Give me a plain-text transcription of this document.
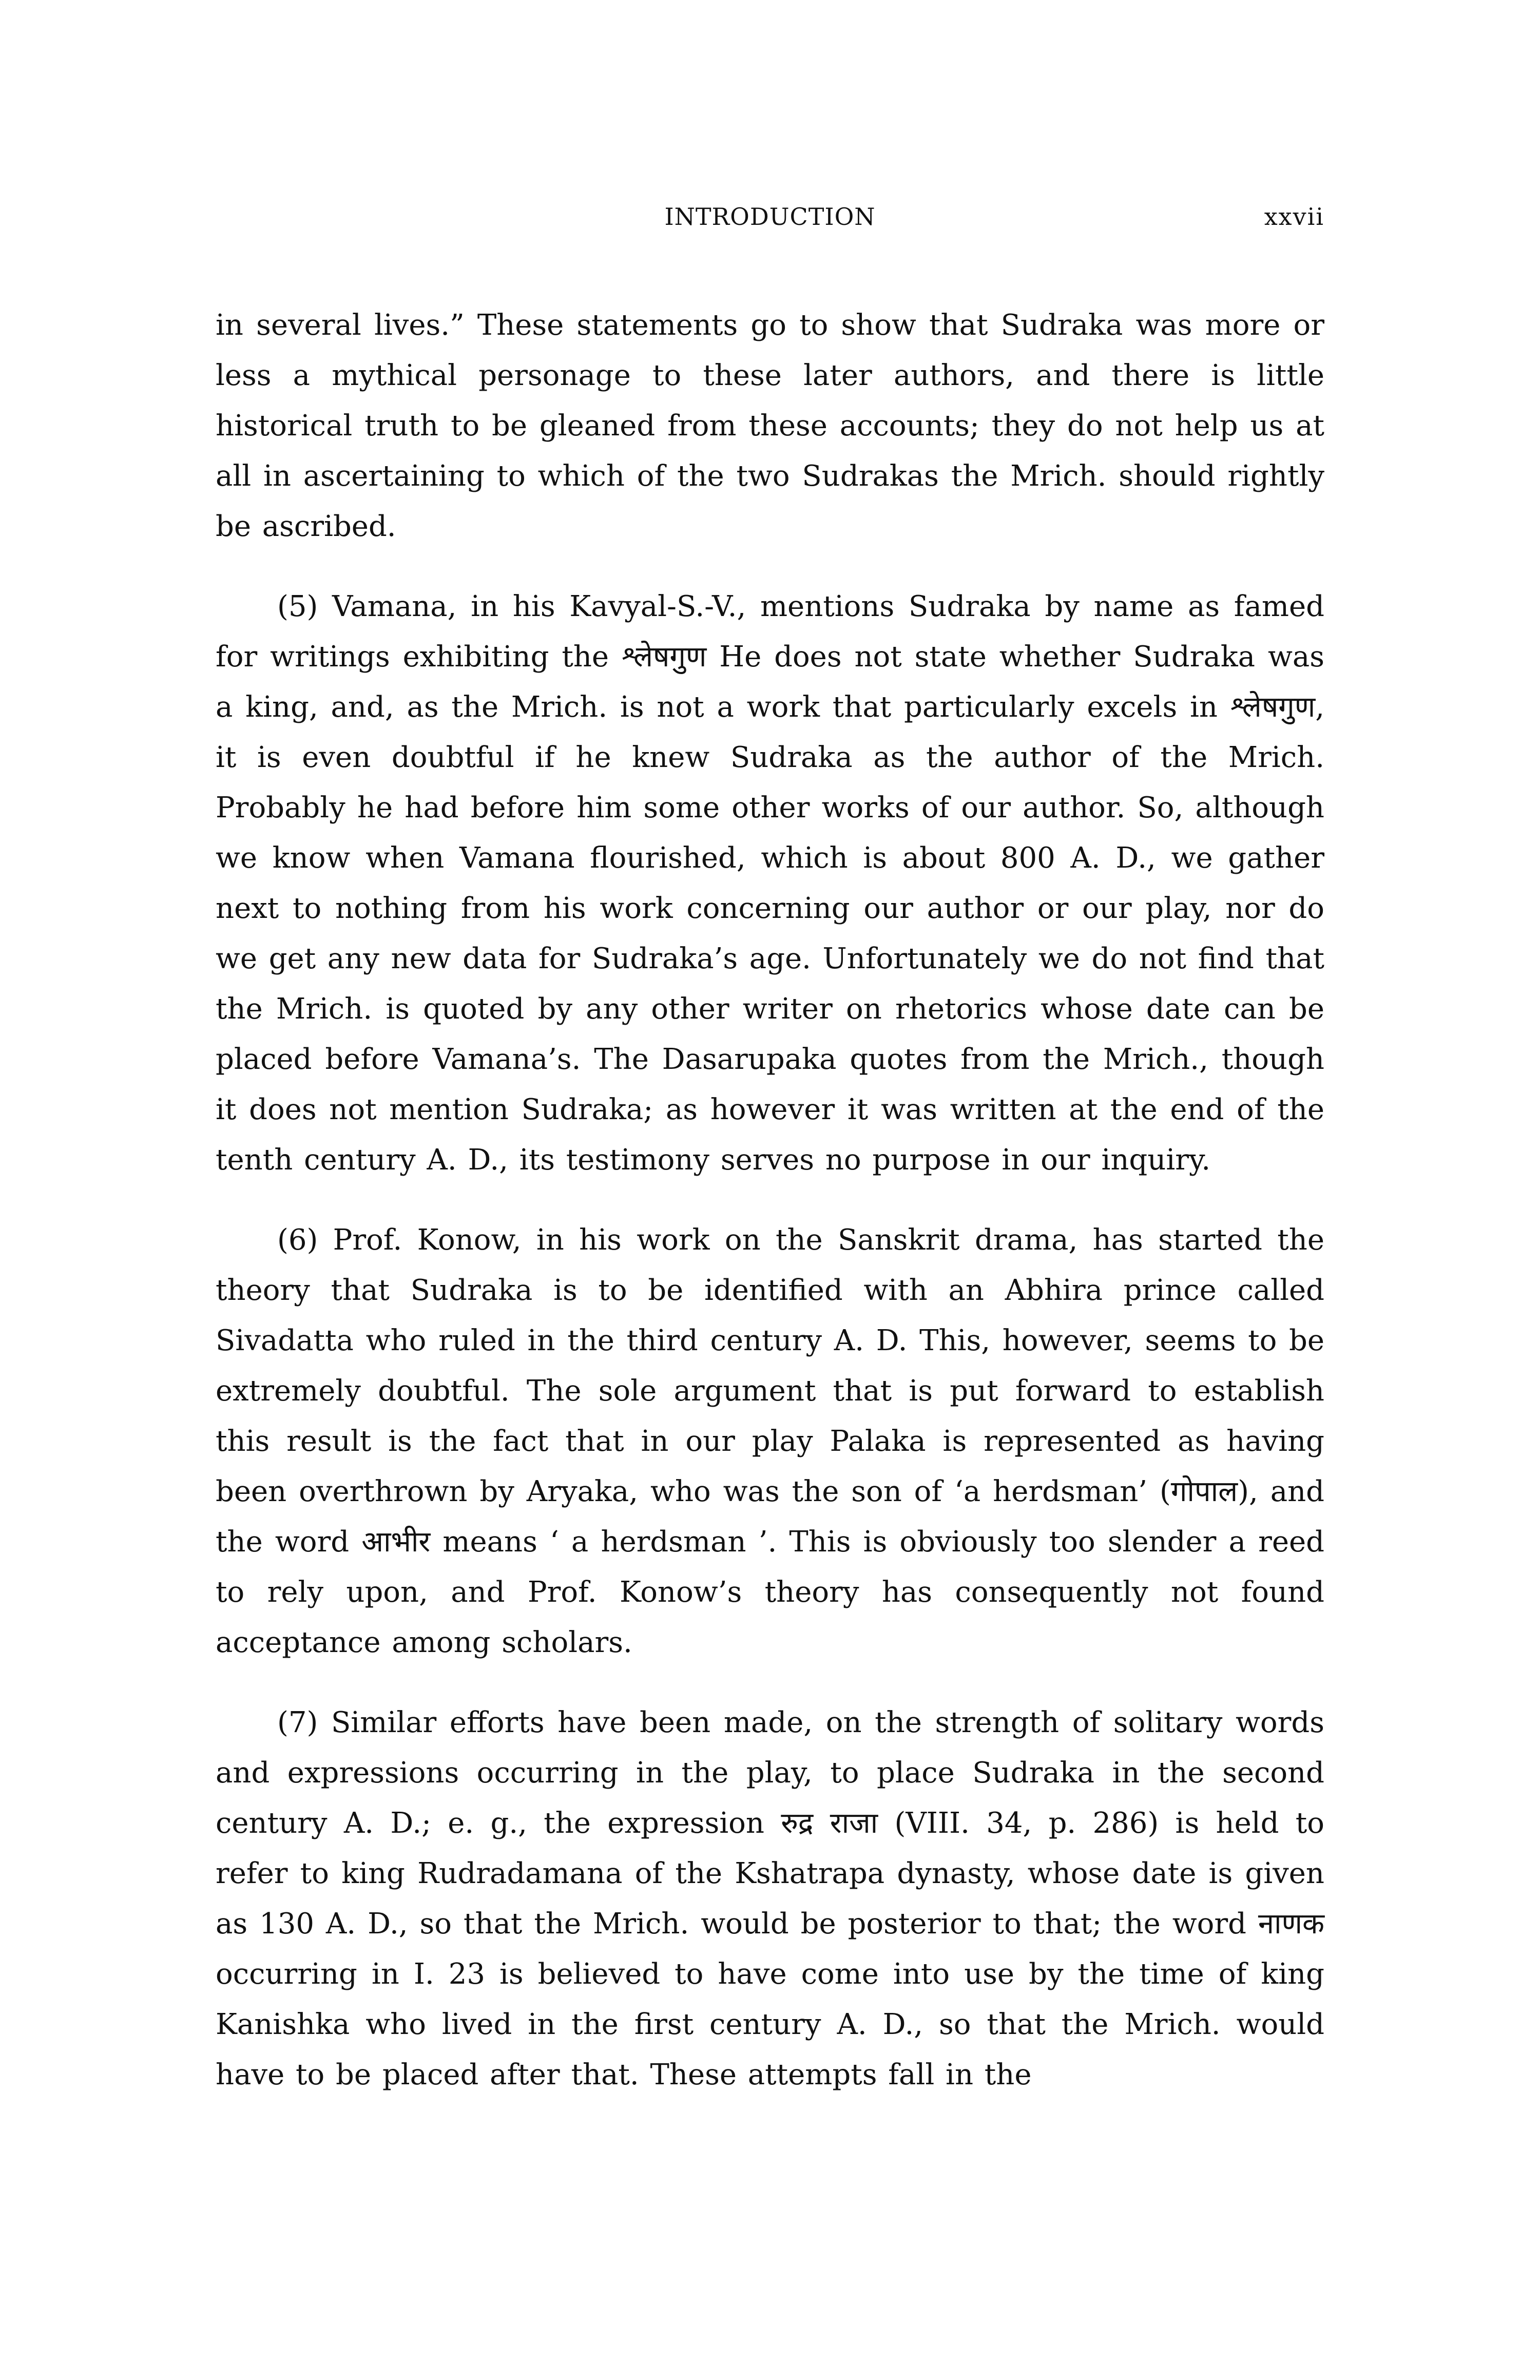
INTRODUCTION	xxvii

in several lives.” These statements go to show that Sudraka was more or less a mythical personage to these later authors, and there is little historical truth to be gleaned from these accounts; they do not help us at all in ascertaining to which of the two Sudrakas the Mrich. should rightly be ascribed.

(5) Vamana, in his Kavyal-S.-V., mentions Sudraka by name as famed for writings exhibiting the श्लेषगुण He does not state whether Sudraka was a king, and, as the Mrich. is not a work that particularly excels in श्लेषगुण, it is even doubtful if he knew Sudraka as the author of the Mrich. Probably he had before him some other works of our author. So, although we know when Vamana flourished, which is about 800 A. D., we gather next to nothing from his work concerning our author or our play, nor do we get any new data for Sudraka’s age. Unfortunately we do not find that the Mrich. is quoted by any other writer on rhetorics whose date can be placed before Vamana’s. The Dasarupaka quotes from the Mrich., though it does not mention Sudraka; as however it was written at the end of the tenth century A. D., its testimony serves no purpose in our inquiry.

(6) Prof. Konow, in his work on the Sanskrit drama, has started the theory that Sudraka is to be identified with an Abhira prince called Sivadatta who ruled in the third century A. D. This, however, seems to be extremely doubtful. The sole argument that is put forward to establish this result is the fact that in our play Palaka is represented as having been overthrown by Aryaka, who was the son of ‘a herdsman’ (गोपाल), and the word आभीर means ‘ a herdsman ’. This is obviously too slender a reed to rely upon, and Prof. Konow’s theory has consequently not found acceptance among scholars.

(7) Similar efforts have been made, on the strength of solitary words and expressions occurring in the play, to place Sudraka in the second century A. D.; e. g., the expression रुद्र राजा (VIII. 34, p. 286) is held to refer to king Rudradamana of the Kshatrapa dynasty, whose date is given as 130 A. D., so that the Mrich. would be posterior to that; the word नाणक occurring in I. 23 is believed to have come into use by the time of king Kanishka who lived in the first century A. D., so that the Mrich. would have to be placed after that. These attempts fall in the
